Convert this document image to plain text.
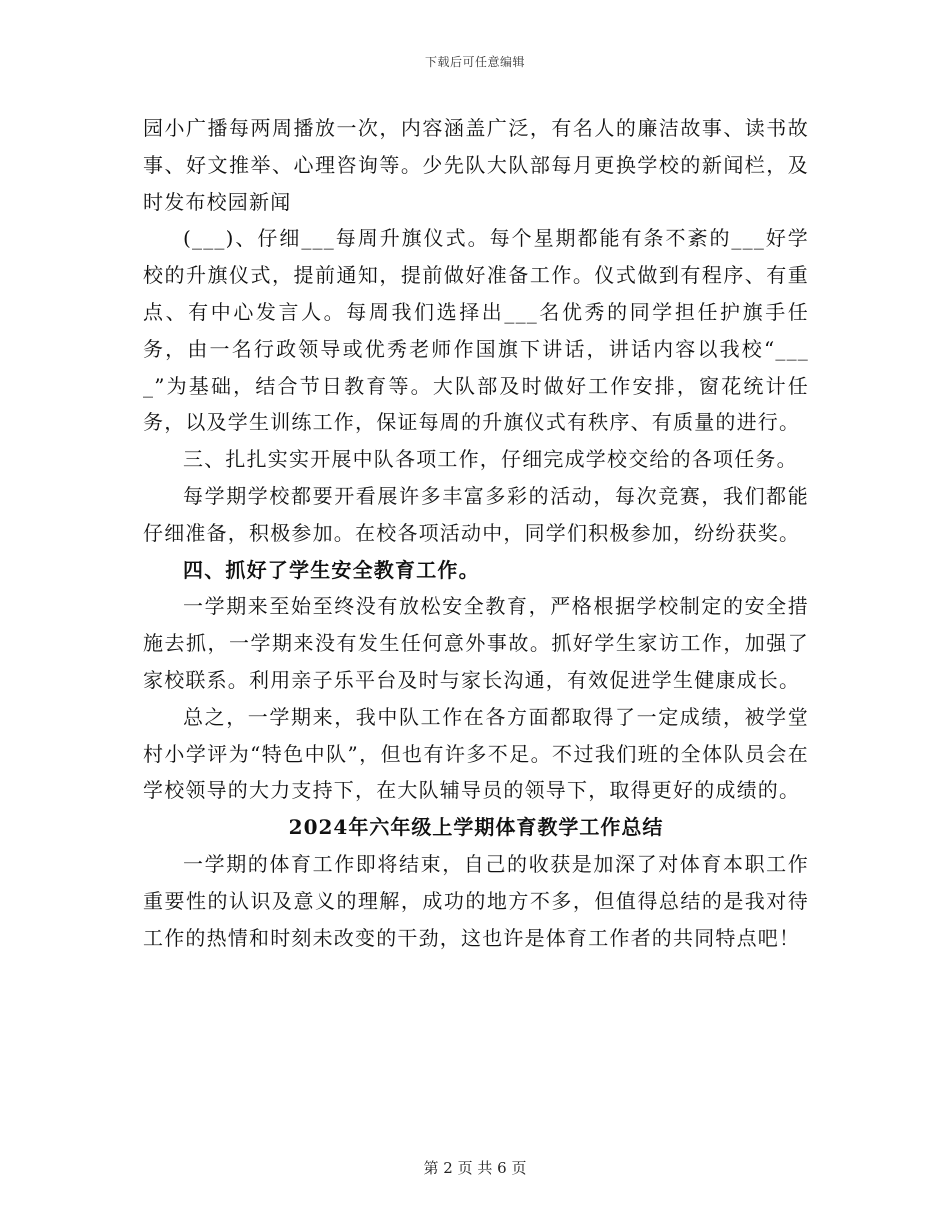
下载后可任意编辑

园小广播每两周播放一次，内容涵盖广泛，有名人的廉洁故事、读书故事、好文推举、心理咨询等。少先队大队部每月更换学校的新闻栏，及时发布校园新闻

(___)、仔细___每周升旗仪式。每个星期都能有条不紊的___好学校的升旗仪式，提前通知，提前做好准备工作。仪式做到有程序、有重点、有中心发言人。每周我们选择出___名优秀的同学担任护旗手任务，由一名行政领导或优秀老师作国旗下讲话，讲话内容以我校“____”为基础，结合节日教育等。大队部及时做好工作安排，窗花统计任务，以及学生训练工作，保证每周的升旗仪式有秩序、有质量的进行。

三、扎扎实实开展中队各项工作，仔细完成学校交给的各项任务。

每学期学校都要开看展许多丰富多彩的活动，每次竞赛，我们都能仔细准备，积极参加。在校各项活动中，同学们积极参加，纷纷获奖。

四、抓好了学生安全教育工作。

一学期来至始至终没有放松安全教育，严格根据学校制定的安全措施去抓，一学期来没有发生任何意外事故。抓好学生家访工作，加强了家校联系。利用亲子乐平台及时与家长沟通，有效促进学生健康成长。

总之，一学期来，我中队工作在各方面都取得了一定成绩，被学堂村小学评为“特色中队”，但也有许多不足。不过我们班的全体队员会在学校领导的大力支持下，在大队辅导员的领导下，取得更好的成绩的。

2024年六年级上学期体育教学工作总结

一学期的体育工作即将结束，自己的收获是加深了对体育本职工作重要性的认识及意义的理解，成功的地方不多，但值得总结的是我对待工作的热情和时刻未改变的干劲，这也许是体育工作者的共同特点吧！

第 2 页 共 6 页
